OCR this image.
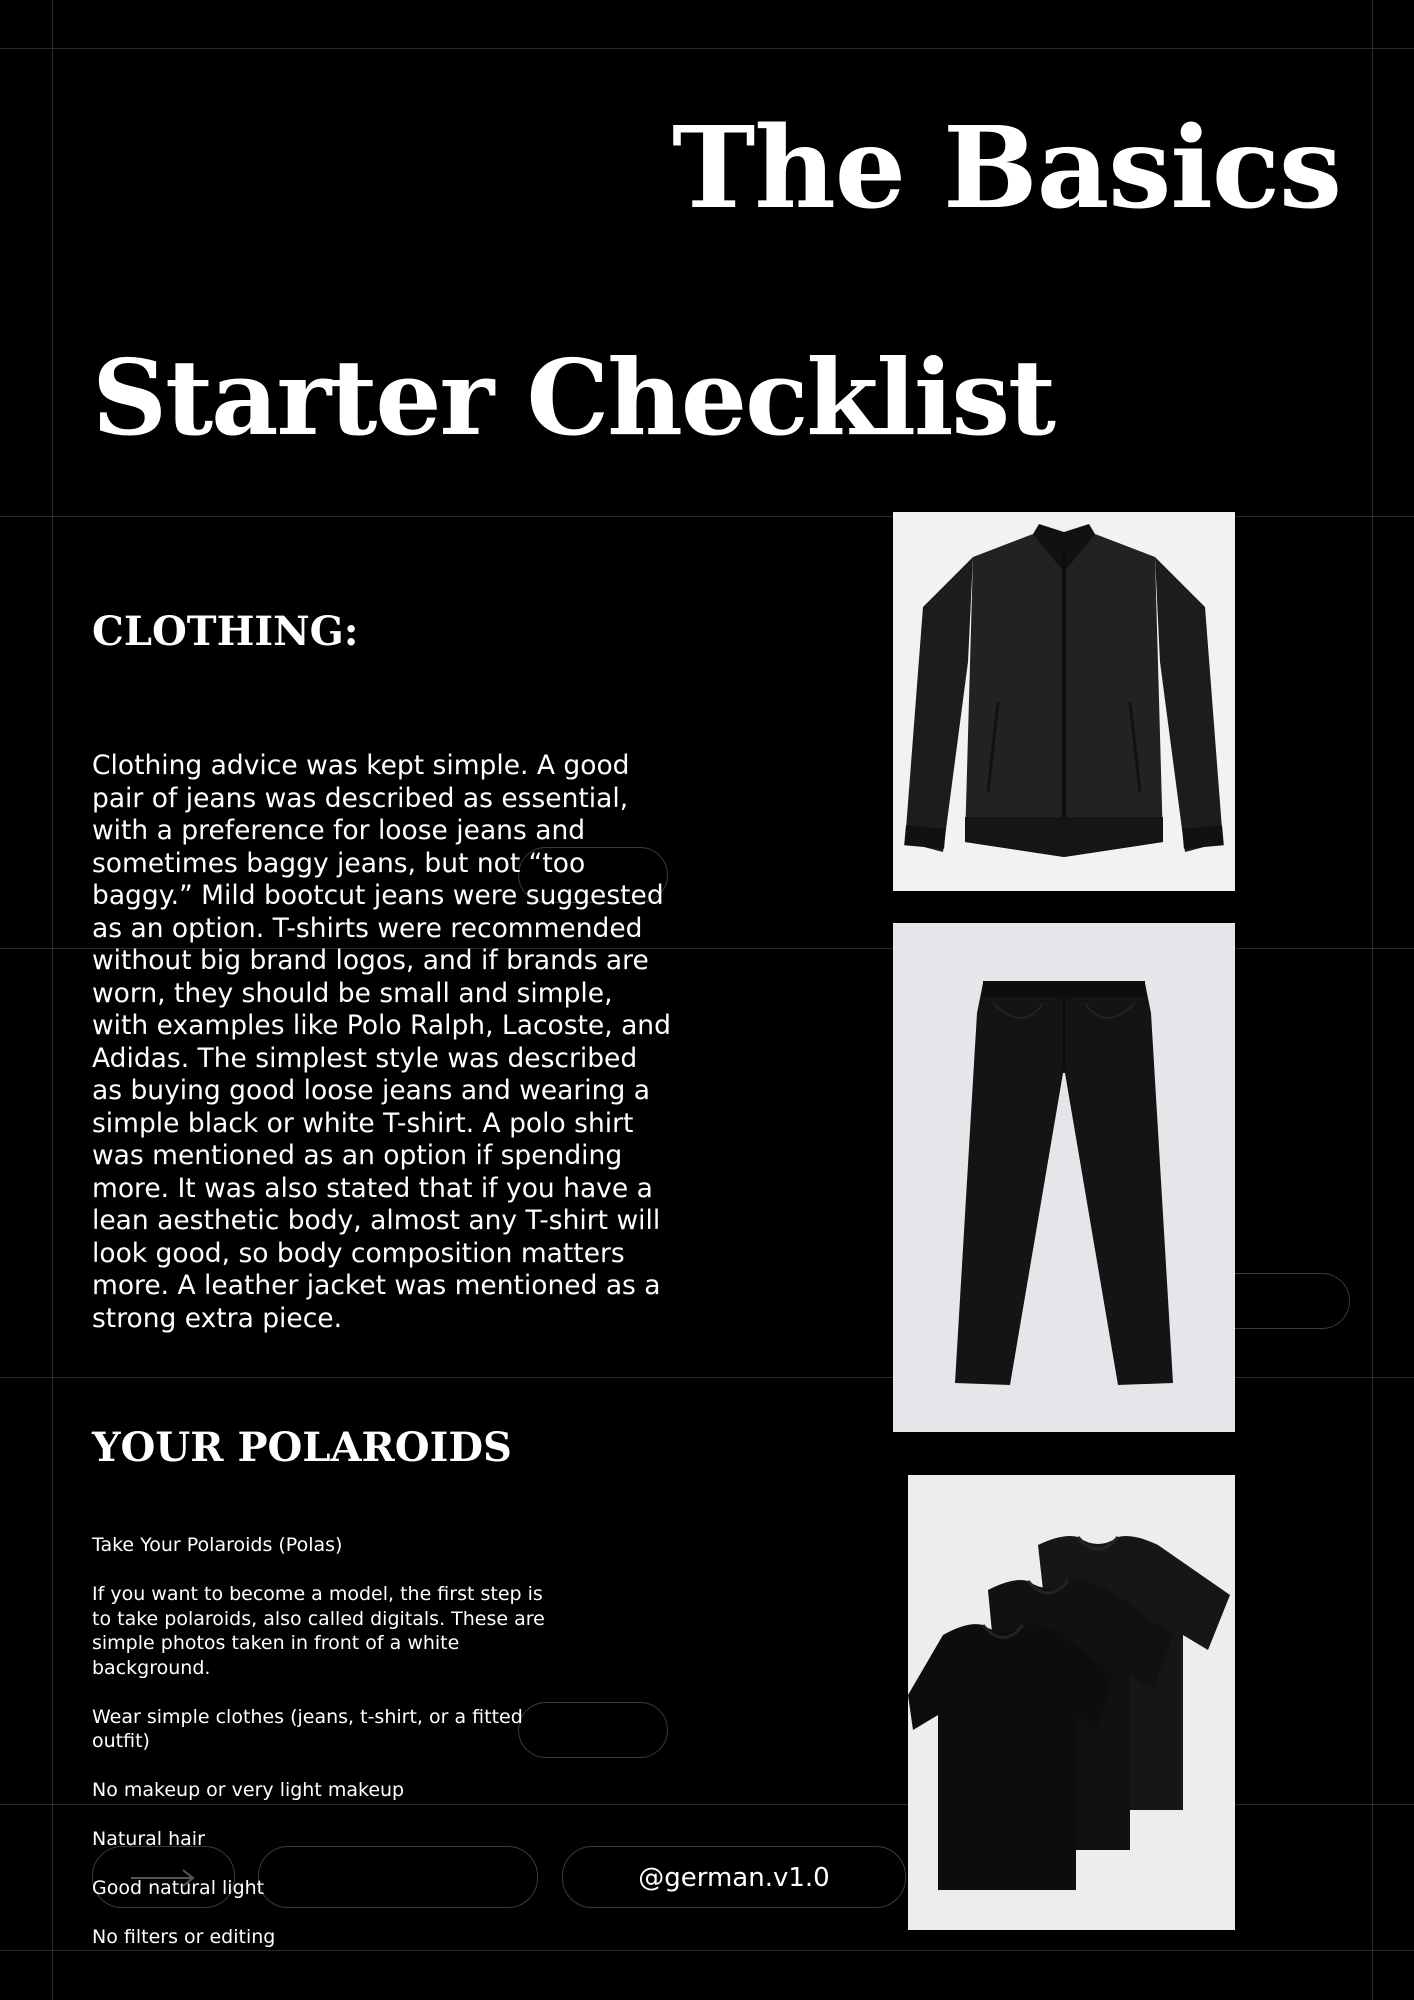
@german.v1.0
The Basics
Starter Checklist
CLOTHING:
Clothing advice was kept simple. A good pair of jeans was described as essential, with a preference for loose jeans and sometimes baggy jeans, but not “too baggy.” Mild bootcut jeans were suggested as an option. T-shirts were recommended without big brand logos, and if brands are worn, they should be small and simple, with examples like Polo Ralph, Lacoste, and Adidas. The simplest style was described as buying good loose jeans and wearing a simple black or white T-shirt. A polo shirt was mentioned as an option if spending more. It was also stated that if you have a lean aesthetic body, almost any T-shirt will look good, so body composition matters more. A leather jacket was mentioned as a strong extra piece.
YOUR POLAROIDS

Take Your Polaroids (Polas)

If you want to become a model, the first step is to take polaroids, also called digitals. These are simple photos taken in front of a white background.

Wear simple clothes (jeans, t-shirt, or a fitted outfit)

No makeup or very light makeup

Natural hair

Good natural light

No filters or editing
